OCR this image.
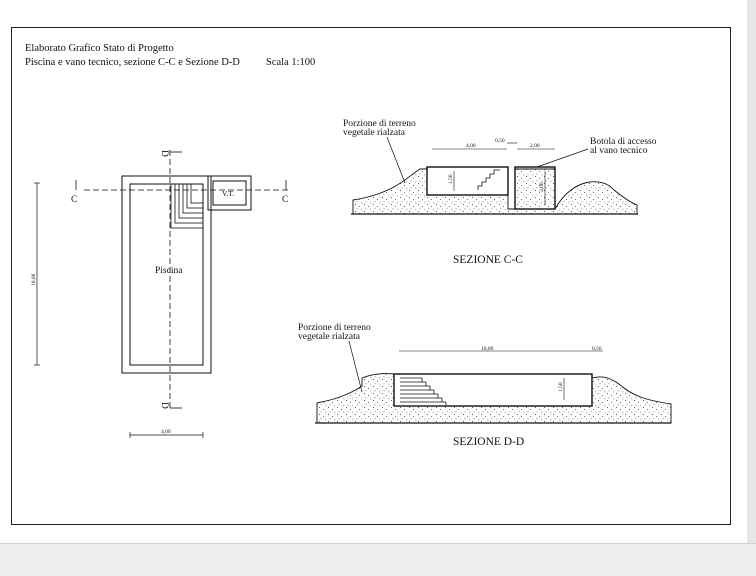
Elaborato Grafico Stato di Progetto
Piscina e vano tecnico, sezione C-C e Sezione D-D Scala 1:100
Piscina
V.T.
C	C
D
D
10,00
4,00
1,50
2,00
4,00
0,50
2,00
Porzione di terreno
vegetale rialzata
Botola di accesso
al vano tecnico
SEZIONE C-C
1,50
10,00	0,50
Porzione di terreno
vegetale rialzata
SEZIONE D-D
